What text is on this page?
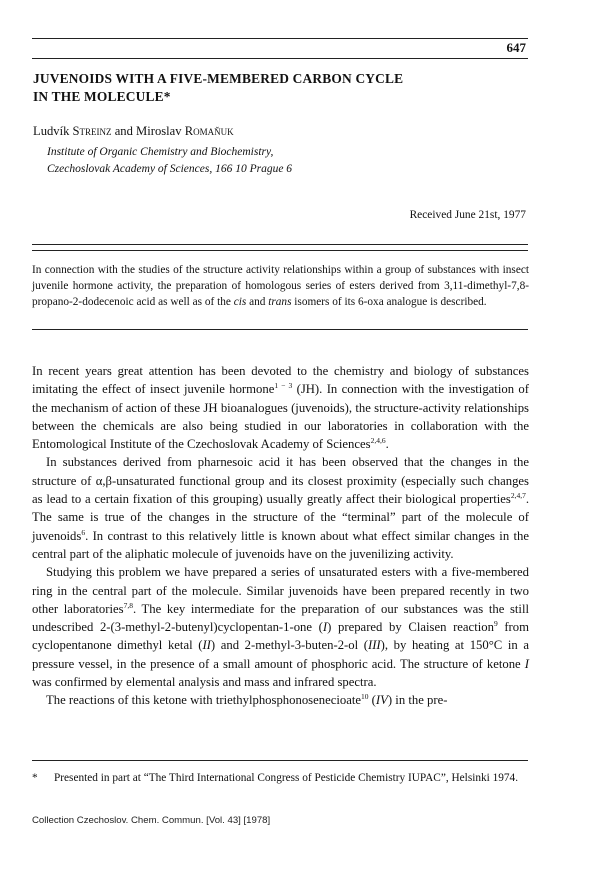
647
JUVENOIDS WITH A FIVE-MEMBERED CARBON CYCLE
IN THE MOLECULE*
Ludvík Streinz and Miroslav Romaňuk
Institute of Organic Chemistry and Biochemistry,
Czechoslovak Academy of Sciences, 166 10 Prague 6
Received June 21st, 1977
In connection with the studies of the structure activity relationships within a group of substances with insect juvenile hormone activity, the preparation of homologous series of esters derived from 3,11-dimethyl-7,8-propano-2-dodecenoic acid as well as of the cis and trans isomers of its 6-oxa analogue is described.

In recent years great attention has been devoted to the chemistry and biology of substances imitating the effect of insect juvenile hormone$^{1 - 3}$ (JH). In connection with the investigation of the mechanism of action of these JH bioanalogues (juvenoids), the structure-activity relationships between the chemicals are also being studied in our laboratories in collaboration with the Entomological Institute of the Czechoslovak Academy of Sciences$^{2,4,6}$.

In substances derived from pharnesoic acid it has been observed that the changes in the structure of α,β-unsaturated functional group and its closest proximity (especially such changes as lead to a certain fixation of this grouping) usually greatly affect their biological properties$^{2,4,7}$. The same is true of the changes in the structure of the “terminal” part of the molecule of juvenoids$^6$. In contrast to this relatively little is known about what effect similar changes in the central part of the aliphatic molecule of juvenoids have on the juvenilizing activity.

Studying this problem we have prepared a series of unsaturated esters with a five-membered ring in the central part of the molecule. Similar juvenoids have been prepared recently in two other laboratories$^{7,8}$. The key intermediate for the preparation of our substances was the still undescribed 2-(3-methyl-2-butenyl)cyclopentan-1-one (I) prepared by Claisen reaction$^9$ from cyclopentanone dimethyl ketal (II) and 2-methyl-3-buten-2-ol (III), by heating at 150°C in a pressure vessel, in the presence of a small amount of phosphoric acid. The structure of ketone I was confirmed by elemental analysis and mass and infrared spectra.

The reactions of this ketone with triethylphosphonosenecioate$^{10}$ (IV) in the pre-

* Presented in part at “The Third International Congress of Pesticide Chemistry IUPAC”, Helsinki 1974.
Collection Czechoslov. Chem. Commun. [Vol. 43] [1978]
